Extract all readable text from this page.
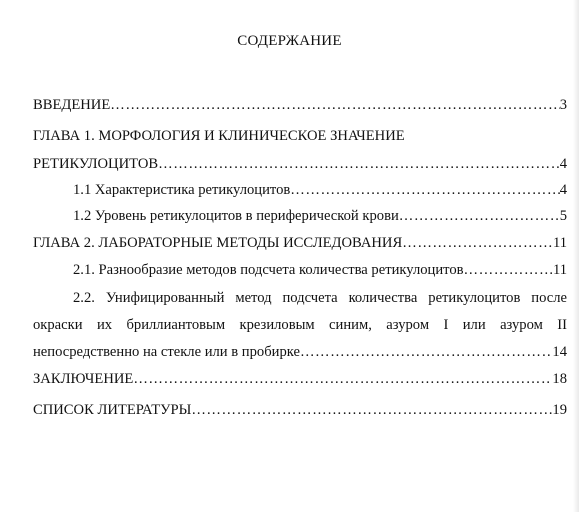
СОДЕРЖАНИЕ
ВВЕДЕНИЕ …………………………………………………………………………………………………………………………………………	3
ГЛАВА 1. МОРФОЛОГИЯ И КЛИНИЧЕСКОЕ ЗНАЧЕНИЕ
РЕТИКУЛОЦИТОВ …………………………………………………………………………………………………………………………………………	4
1.1 Характеристика ретикулоцитов …………………………………………………………………………………………………………………………………………	4
1.2 Уровень ретикулоцитов в периферической крови …………………………………………………………………………………………………………………………………………	5
ГЛАВА 2. ЛАБОРАТОРНЫЕ МЕТОДЫ ИССЛЕДОВАНИЯ …………………………………………………………………………………………………………………………………………	11
2.1. Разнообразие методов подсчета количества ретикулоцитов …………………………………………………………………………………………………………………………………………	11
2.2. Унифицированный метод подсчета количества ретикулоцитов после
окраски их бриллиантовым крезиловым синим, азуром I или азуром II
непосредственно на стекле или в пробирке …………………………………………………………………………………………………………………………………………	14
ЗАКЛЮЧЕНИЕ …………………………………………………………………………………………………………………………………………	18
СПИСОК ЛИТЕРАТУРЫ …………………………………………………………………………………………………………………………………………	19
